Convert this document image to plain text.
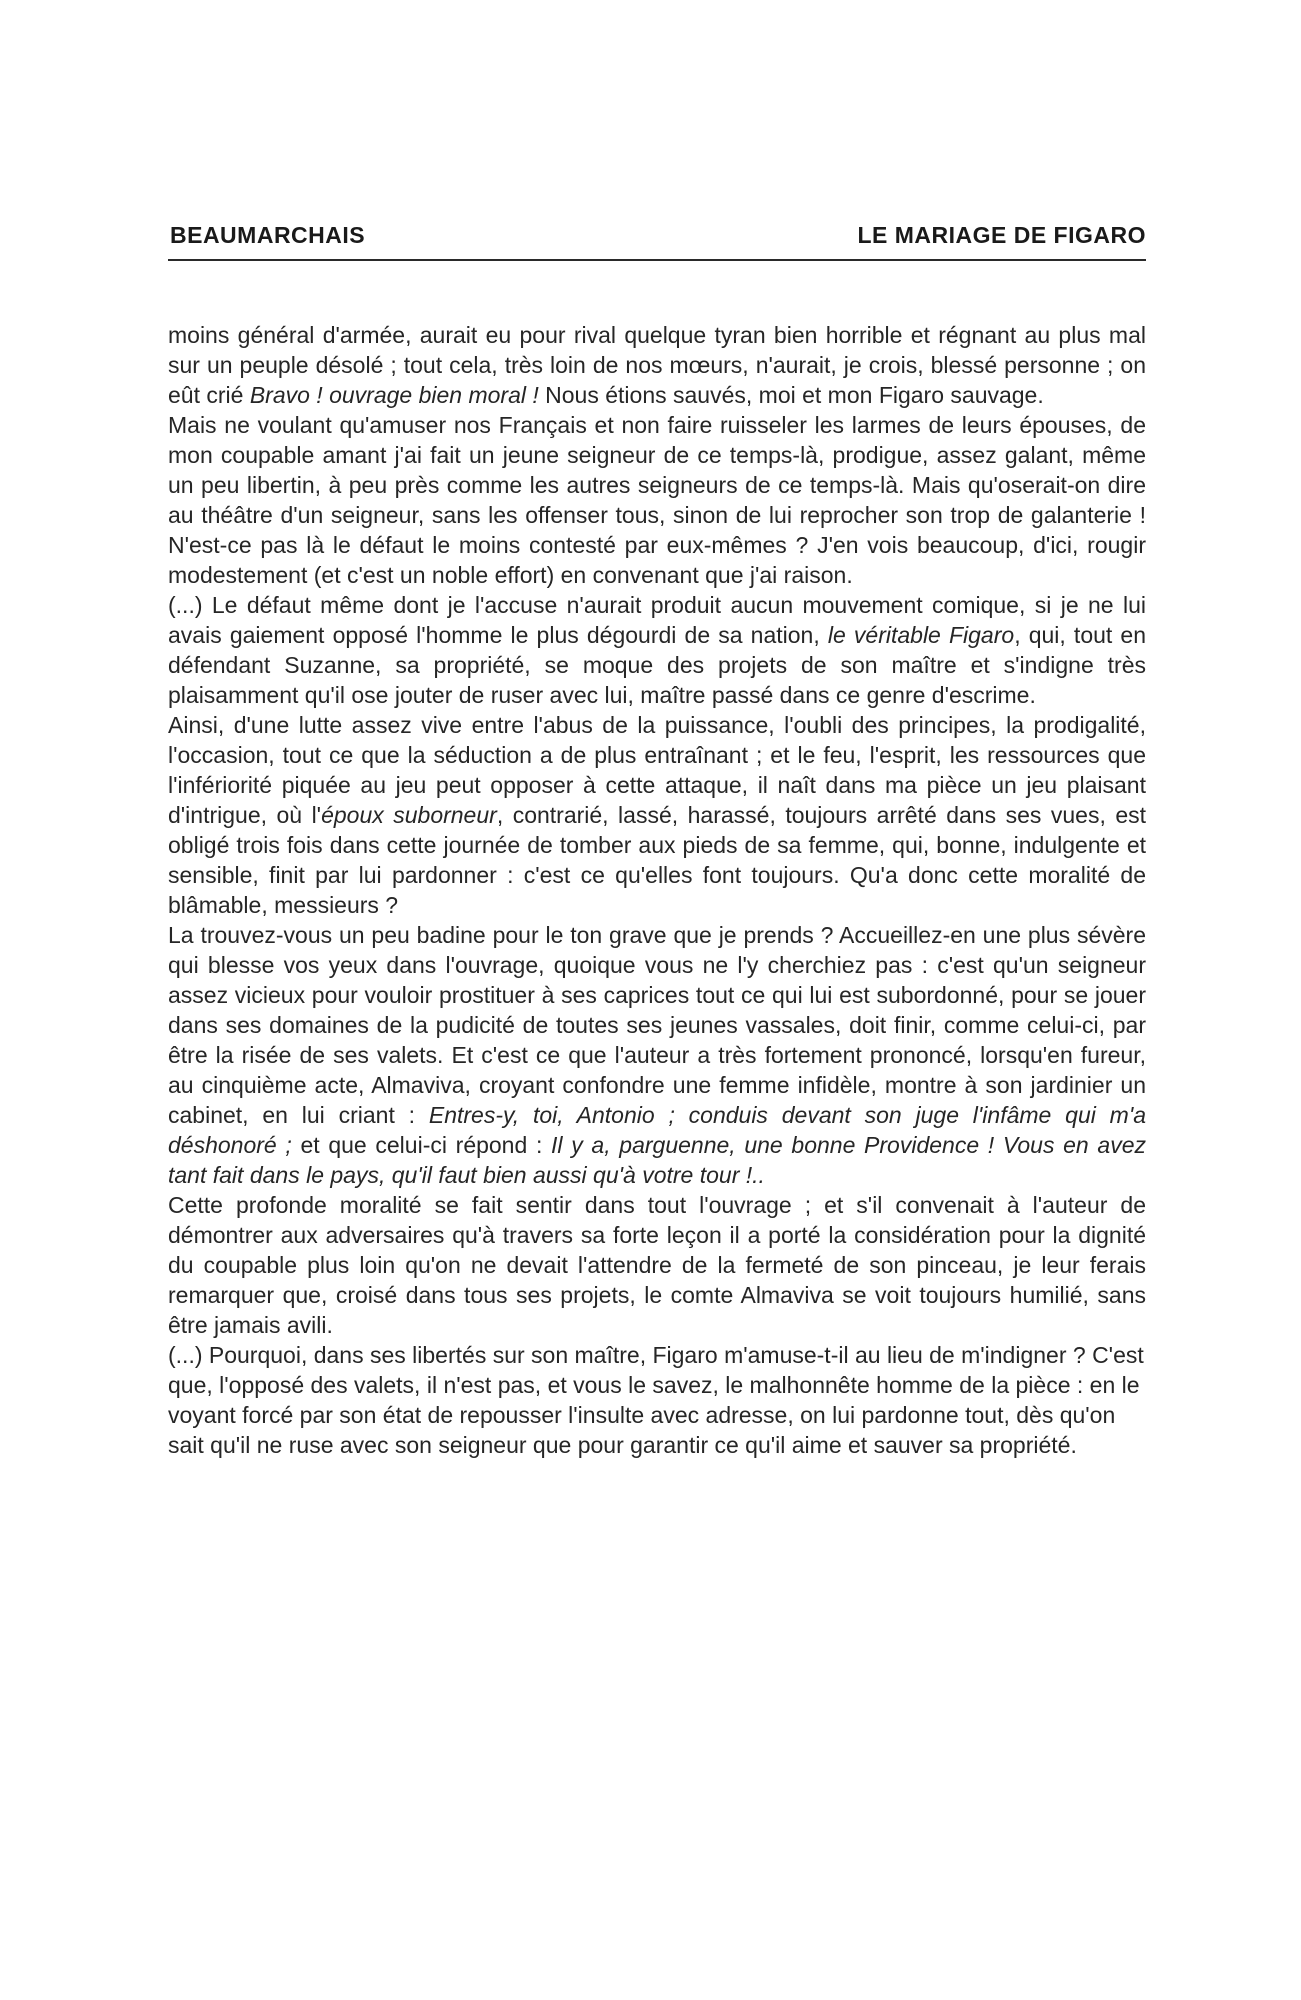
BEAUMARCHAIS	LE MARIAGE DE FIGARO

moins général d'armée, aurait eu pour rival quelque tyran bien horrible et régnant au plus mal sur un peuple désolé ; tout cela, très loin de nos mœurs, n'aurait, je crois, blessé personne ; on eût crié Bravo ! ouvrage bien moral ! Nous étions sauvés, moi et mon Figaro sauvage.

Mais ne voulant qu'amuser nos Français et non faire ruisseler les larmes de leurs épouses, de mon coupable amant j'ai fait un jeune seigneur de ce temps-là, prodigue, assez galant, même un peu libertin, à peu près comme les autres seigneurs de ce temps-là. Mais qu'oserait-on dire au théâtre d'un seigneur, sans les offenser tous, sinon de lui reprocher son trop de galanterie ! N'est-ce pas là le défaut le moins contesté par eux-mêmes ? J'en vois beaucoup, d'ici, rougir modestement (et c'est un noble effort) en convenant que j'ai raison.

(...) Le défaut même dont je l'accuse n'aurait produit aucun mouvement comique, si je ne lui avais gaiement opposé l'homme le plus dégourdi de sa nation, le véritable Figaro, qui, tout en défendant Suzanne, sa propriété, se moque des projets de son maître et s'indigne très plaisamment qu'il ose jouter de ruser avec lui, maître passé dans ce genre d'escrime.

Ainsi, d'une lutte assez vive entre l'abus de la puissance, l'oubli des principes, la prodigalité, l'occasion, tout ce que la séduction a de plus entraînant ; et le feu, l'esprit, les ressources que l'infériorité piquée au jeu peut opposer à cette attaque, il naît dans ma pièce un jeu plaisant d'intrigue, où l'époux suborneur, contrarié, lassé, harassé, toujours arrêté dans ses vues, est obligé trois fois dans cette journée de tomber aux pieds de sa femme, qui, bonne, indulgente et sensible, finit par lui pardonner : c'est ce qu'elles font toujours. Qu'a donc cette moralité de blâmable, messieurs ?

La trouvez-vous un peu badine pour le ton grave que je prends ? Accueillez-en une plus sévère qui blesse vos yeux dans l'ouvrage, quoique vous ne l'y cherchiez pas : c'est qu'un seigneur assez vicieux pour vouloir prostituer à ses caprices tout ce qui lui est subordonné, pour se jouer dans ses domaines de la pudicité de toutes ses jeunes vassales, doit finir, comme celui-ci, par être la risée de ses valets. Et c'est ce que l'auteur a très fortement prononcé, lorsqu'en fureur, au cinquième acte, Almaviva, croyant confondre une femme infidèle, montre à son jardinier un cabinet, en lui criant : Entres-y, toi, Antonio ; conduis devant son juge l'infâme qui m'a déshonoré ; et que celui-ci répond : Il y a, parguenne, une bonne Providence ! Vous en avez tant fait dans le pays, qu'il faut bien aussi qu'à votre tour !..

Cette profonde moralité se fait sentir dans tout l'ouvrage ; et s'il convenait à l'auteur de démontrer aux adversaires qu'à travers sa forte leçon il a porté la considération pour la dignité du coupable plus loin qu'on ne devait l'attendre de la fermeté de son pinceau, je leur ferais remarquer que, croisé dans tous ses projets, le comte Almaviva se voit toujours humilié, sans être jamais avili.

(...) Pourquoi, dans ses libertés sur son maître, Figaro m'amuse-t-il au lieu de m'indigner ? C'est que, l'opposé des valets, il n'est pas, et vous le savez, le malhonnête homme de la pièce : en le voyant forcé par son état de repousser l'insulte avec adresse, on lui pardonne tout, dès qu'on sait qu'il ne ruse avec son seigneur que pour garantir ce qu'il aime et sauver sa propriété.
